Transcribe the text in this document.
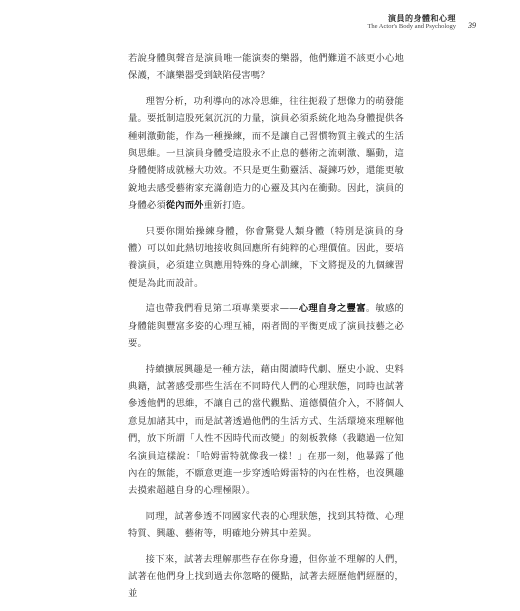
演員的身體和心理
The Actor's Body and Psychology 39

若說身體與聲音是演員唯一能演奏的樂器，他們難道不該更小心地保護，不讓樂器受到缺陷侵害嗎？

理智分析，功利導向的冰冷思維，往往扼殺了想像力的萌發能量。要抵制這股死氣沉沉的力量，演員必須系統化地為身體提供各種刺激動能，作為一種操練，而不是讓自己習慣物質主義式的生活與思維。一旦演員身體受這股永不止息的藝術之流刺激、驅動，這身體便將成就極大功效。不只是更生動靈活、凝鍊巧妙，還能更敏銳地去感受藝術家充滿創造力的心靈及其內在衝動。因此，演員的身體必須從內而外重新打造。

只要你開始操練身體，你會驚覺人類身體（特別是演員的身體）可以如此熱切地接收與回應所有純粹的心理價值。因此，要培養演員，必須建立與應用特殊的身心訓練，下文將提及的九個練習便是為此而設計。

這也帶我們看見第二項專業要求——心理自身之豐富。敏感的身體能與豐富多姿的心理互補，兩者間的平衡更成了演員技藝之必要。

持續擴展興趣是一種方法，藉由閱讀時代劇、歷史小說、史料典籍，試著感受那些生活在不同時代人們的心理狀態，同時也試著參透他們的思維，不讓自己的當代觀點、道德價值介入，不將個人意見加諸其中，而是試著透過他們的生活方式、生活環境來理解他們，放下所謂「人性不因時代而改變」的刻板教條（我聽過一位知名演員這樣說：「哈姆雷特就像我一樣！」在那一刻，他暴露了他內在的無能，不願意更進一步穿透哈姆雷特的內在性格，也沒興趣去摸索超越自身的心理極限）。

同理，試著參透不同國家代表的心理狀態，找到其特徵、心理特質、興趣、藝術等，明確地分辨其中差異。

接下來，試著去理解那些存在你身邊，但你並不理解的人們，試著在他們身上找到過去你忽略的優點，試著去經歷他們經歷的，並
